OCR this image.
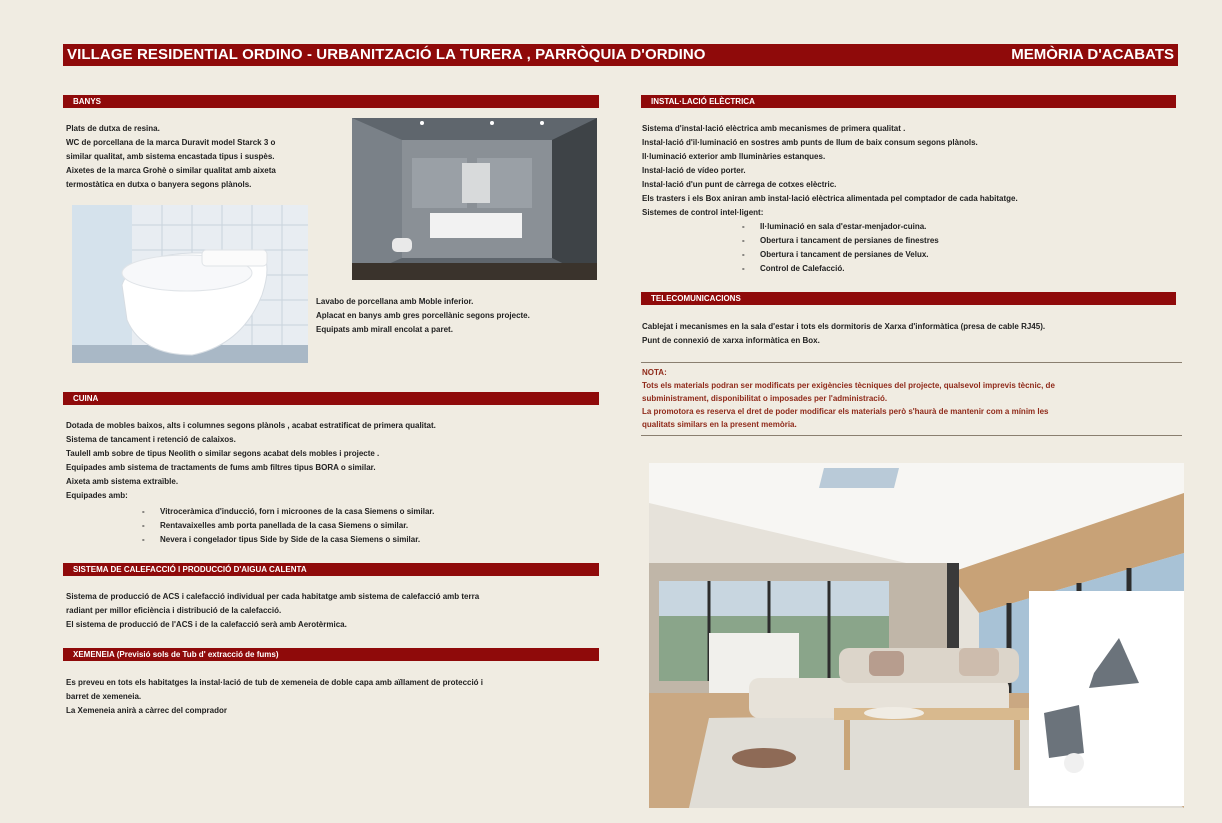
VILLAGE RESIDENTIAL ORDINO - URBANITZACIÓ LA TURERA , PARRÒQUIA D'ORDINO	MEMÒRIA D'ACABATS
BANYS

Plats de dutxa de resina.

WC de porcellana de la marca Duravit model Starck 3 o

similar qualitat, amb sistema encastada tipus i suspès.

Aixetes de la marca Grohè o similar qualitat amb aixeta

termostàtica en dutxa o banyera segons plànols.

Lavabo de porcellana amb Moble inferior.

Aplacat en banys amb gres porcellànic segons projecte.

Equipats amb mirall encolat a paret.

CUINA

Dotada de mobles baixos, alts i columnes segons plànols , acabat estratificat de primera qualitat.

Sistema de tancament i retenció de calaixos.

Taulell amb sobre de tipus Neolith o similar segons acabat dels mobles i projecte .

Equipades amb sistema de tractaments de fums amb filtres tipus BORA o similar.

Aixeta amb sistema extraïble.

Equipades amb:

- Vitroceràmica d'inducció, forn i microones de la casa Siemens o similar.
- Rentavaixelles amb porta panellada de la casa Siemens o similar.
- Nevera i congelador tipus Side by Side de la casa Siemens o similar.
SISTEMA DE CALEFACCIÓ I PRODUCCIÓ D'AIGUA CALENTA

Sistema de producció de ACS i calefacció individual per cada habitatge amb sistema de calefacció amb terra

radiant per millor eficiència i distribució de la calefacció.

El sistema de producció de l'ACS i de la calefacció serà amb Aerotèrmica.

XEMENEIA (Previsió sols de Tub d' extracció de fums)

Es preveu en tots els habitatges la instal·lació de tub de xemeneia de doble capa amb aïllament de protecció i

barret de xemeneia.

La Xemeneia anirà a càrrec del comprador

INSTAL·LACIÓ ELÈCTRICA

Sistema d'instal·lació elèctrica amb mecanismes de primera qualitat .

Instal·lació d'il·luminació en sostres amb punts de llum de baix consum segons plànols.

Il·luminació exterior amb lluminàries estanques.

Instal·lació de vídeo porter.

Instal·lació d'un punt de càrrega de cotxes elèctric.

Els trasters i els Box aniran amb instal·lació elèctrica alimentada pel comptador de cada habitatge.

Sistemes de control intel·ligent:

- Il·luminació en sala d'estar-menjador-cuina.
- Obertura i tancament de persianes de finestres
- Obertura i tancament de persianes de Velux.
- Control de Calefacció.
TELECOMUNICACIONS

Cablejat i mecanismes en la sala d'estar i tots els dormitoris de Xarxa d'informàtica (presa de cable RJ45).

Punt de connexió de xarxa informàtica en Box.

NOTA:

Tots els materials podran ser modificats per exigències tècniques del projecte, qualsevol imprevis tècnic, de

subministrament, disponibilitat o imposades per l'administració.

La promotora es reserva el dret de poder modificar els materials però s'haurà de mantenir com a mínim les

qualitats similars en la present memòria.
